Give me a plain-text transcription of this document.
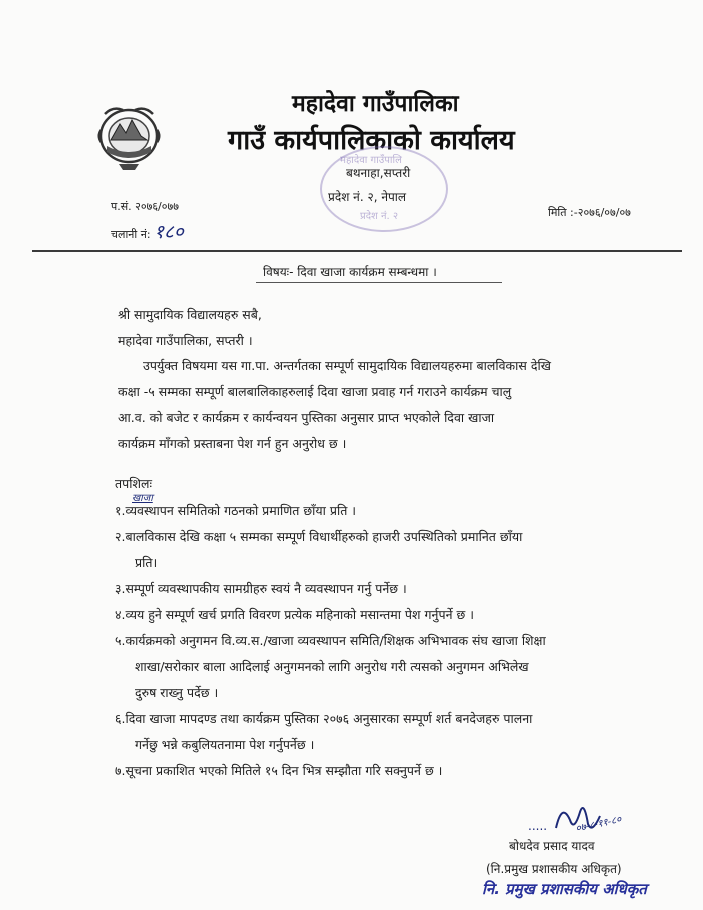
महादेवा गाउँपालिका
गाउँ कार्यपालिकाको कार्यालय
महादेवा गाउँपालि
प्रदेश नं. २
बथनाहा,सप्तरी
प्रदेश नं. २, नेपाल
प.सं. २०७६/०७७
चलानी नं: १८०
मिति :-२०७६/०७/०७
विषयः- दिवा खाजा कार्यक्रम सम्बन्धमा ।
श्री सामुदायिक विद्यालयहरु सबै,
महादेवा गाउँपालिका, सप्तरी ।
उपर्युक्त विषयमा यस गा.पा. अन्तर्गतका सम्पूर्ण सामुदायिक विद्यालयहरुमा बालविकास देखि
कक्षा -५ सम्मका सम्पूर्ण बालबालिकाहरुलाई दिवा खाजा प्रवाह गर्न गराउने कार्यक्रम चालु
आ.व. को बजेट र कार्यक्रम र कार्यन्वयन पुस्तिका अनुसार प्राप्त भएकोले दिवा खाजा
कार्यक्रम माँगको प्रस्ताबना पेश गर्न हुन अनुरोध छ ।
तपशिलः
खाजा
१.व्यवस्थापन समितिको गठनको प्रमाणित छाँया प्रति ।
२.बालविकास देखि कक्षा ५ सम्मका सम्पूर्ण विधार्थीहरुको हाजरी उपस्थितिको प्रमानित छाँया
प्रति।
३.सम्पूर्ण व्यवस्थापकीय सामग्रीहरु स्वयं नै व्यवस्थापन गर्नु पर्नेछ ।
४.व्यय हुने सम्पूर्ण खर्च प्रगति विवरण प्रत्येक महिनाको मसान्तमा पेश गर्नुपर्ने छ ।
५.कार्यक्रमको अनुगमन वि.व्य.स./खाजा व्यवस्थापन समिति/शिक्षक अभिभावक संघ खाजा शिक्षा
शाखा/सरोकार बाला आदिलाई अनुगमनको लागि अनुरोध गरी त्यसको अनुगमन अभिलेख
दुरुष राख्नु पर्देछ ।
६.दिवा खाजा मापदण्ड तथा कार्यक्रम पुस्तिका २०७६ अनुसारका सम्पूर्ण शर्त बनदेजहरु पालना
गर्नेछु भन्ने कबुलियतनामा पेश गर्नुपर्नेछ ।
७.सूचना प्रकाशित भएको मितिले १५ दिन भित्र सम्झौता गरि सक्नुपर्ने छ ।
.....	०७-८-११-८०
बोधदेव प्रसाद यादव
(नि.प्रमुख प्रशासकीय अधिकृत)
नि. प्रमुख प्रशासकीय अधिकृत
